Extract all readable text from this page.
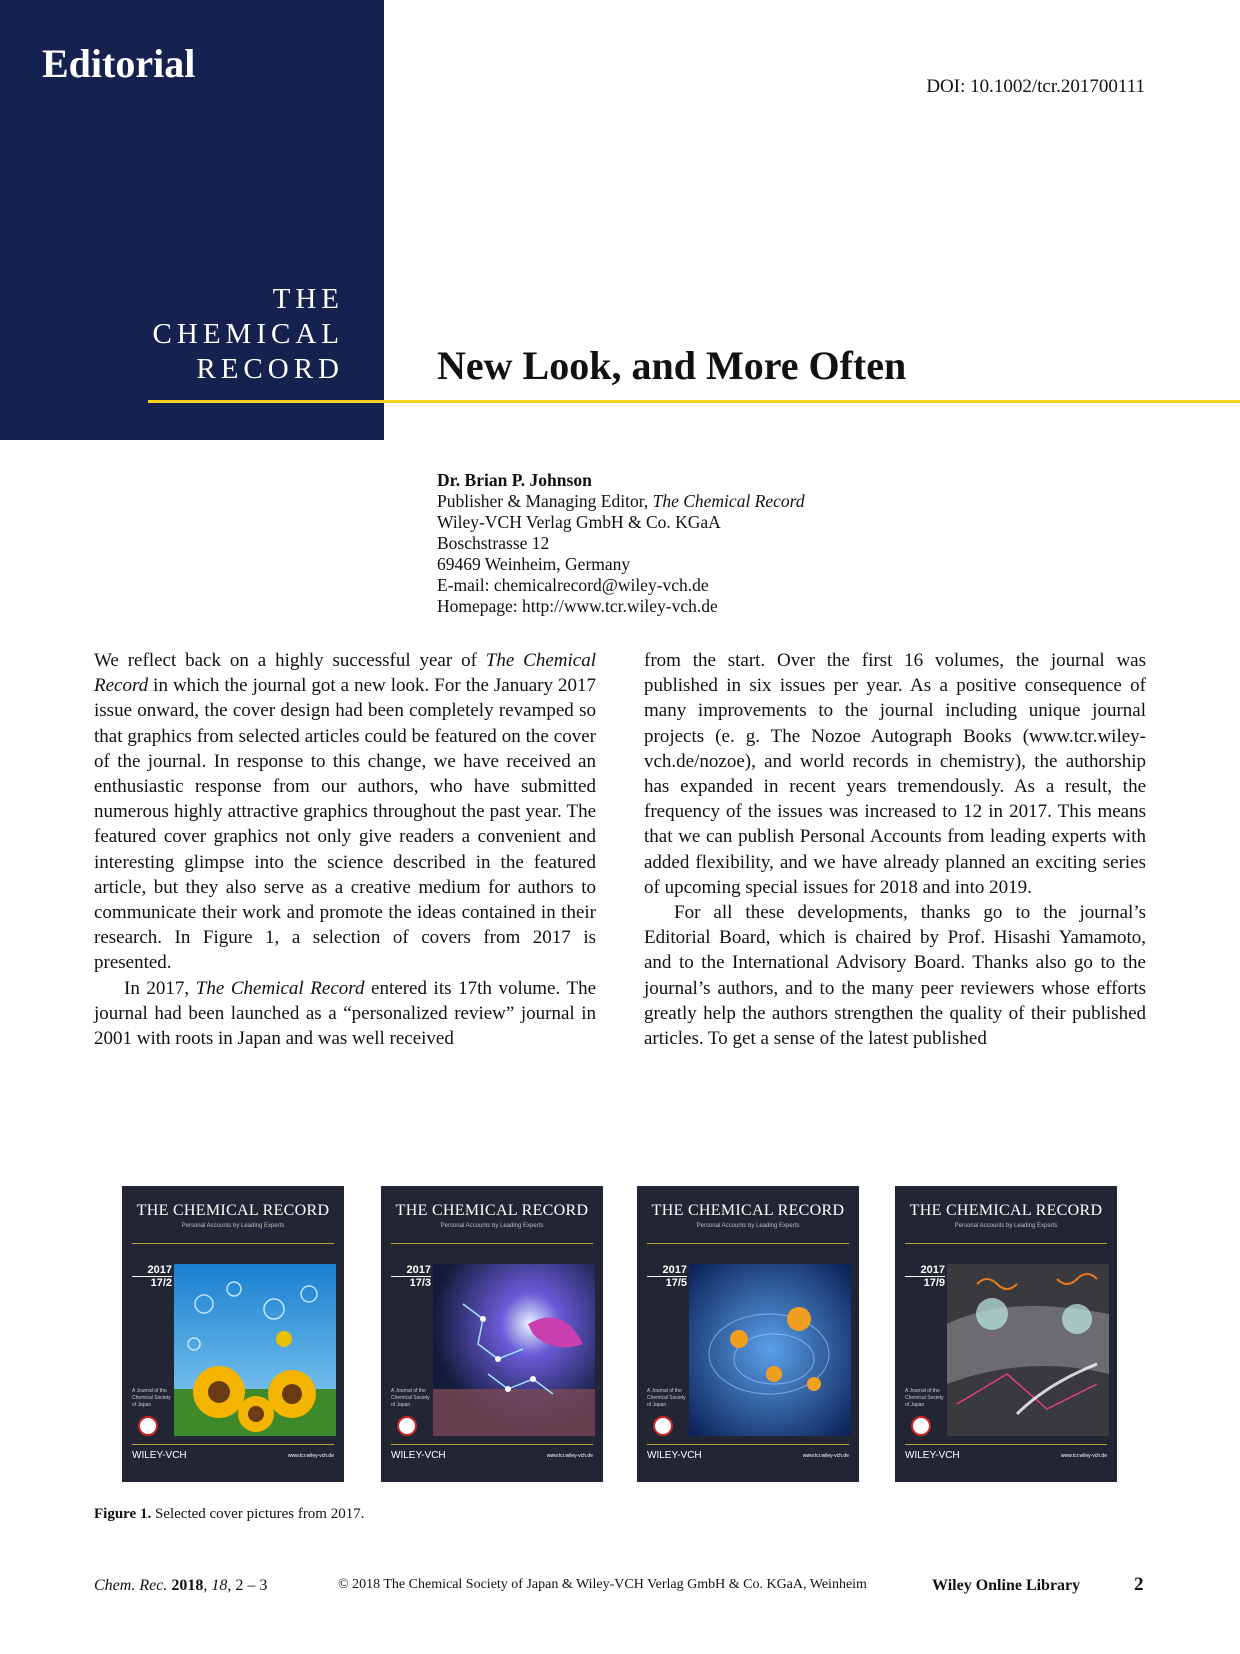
Editorial
THE
CHEMICAL
RECORD
DOI: 10.1002/tcr.201700111
New Look, and More Often
Dr. Brian P. Johnson
Publisher & Managing Editor, The Chemical Record
Wiley-VCH Verlag GmbH & Co. KGaA
Boschstrasse 12
69469 Weinheim, Germany
E-mail: chemicalrecord@wiley-vch.de
Homepage: http://www.tcr.wiley-vch.de

We reflect back on a highly successful year of The Chemical Record in which the journal got a new look. For the January 2017 issue onward, the cover design had been completely revamped so that graphics from selected articles could be featured on the cover of the journal. In response to this change, we have received an enthusiastic response from our authors, who have submitted numerous highly attractive graphics throughout the past year. The featured cover graphics not only give readers a convenient and interesting glimpse into the science described in the featured article, but they also serve as a creative medium for authors to communicate their work and promote the ideas contained in their research. In Figure 1, a selection of covers from 2017 is presented.

In 2017, The Chemical Record entered its 17th volume. The journal had been launched as a “personalized review” journal in 2001 with roots in Japan and was well received

from the start. Over the first 16 volumes, the journal was published in six issues per year. As a positive consequence of many improvements to the journal including unique journal projects (e. g. The Nozoe Autograph Books (www.tcr.wiley-vch.de/nozoe), and world records in chemistry), the authorship has expanded in recent years tremendously. As a result, the frequency of the issues was increased to 12 in 2017. This means that we can publish Personal Accounts from leading experts with added flexibility, and we have already planned an exciting series of upcoming special issues for 2018 and into 2019.

For all these developments, thanks go to the journal’s Editorial Board, which is chaired by Prof. Hisashi Yamamoto, and to the International Advisory Board. Thanks also go to the journal’s authors, and to the many peer reviewers whose efforts greatly help the authors strengthen the quality of their published articles. To get a sense of the latest published

THE CHEMICAL RECORD
Personal Accounts by Leading Experts
2017
17/2
A Journal of the Chemical Society of Japan
WILEY-VCH	www.tcr.wiley-vch.de
THE CHEMICAL RECORD
Personal Accounts by Leading Experts
2017
17/3
A Journal of the Chemical Society of Japan
WILEY-VCH	www.tcr.wiley-vch.de
THE CHEMICAL RECORD
Personal Accounts by Leading Experts
2017
17/5
A Journal of the Chemical Society of Japan
WILEY-VCH	www.tcr.wiley-vch.de
THE CHEMICAL RECORD
Personal Accounts by Leading Experts
2017
17/9
A Journal of the Chemical Society of Japan
WILEY-VCH	www.tcr.wiley-vch.de
Figure 1. Selected cover pictures from 2017.
Chem. Rec. 2018, 18, 2 – 3	© 2018 The Chemical Society of Japan & Wiley-VCH Verlag GmbH & Co. KGaA, Weinheim	Wiley Online Library	2
